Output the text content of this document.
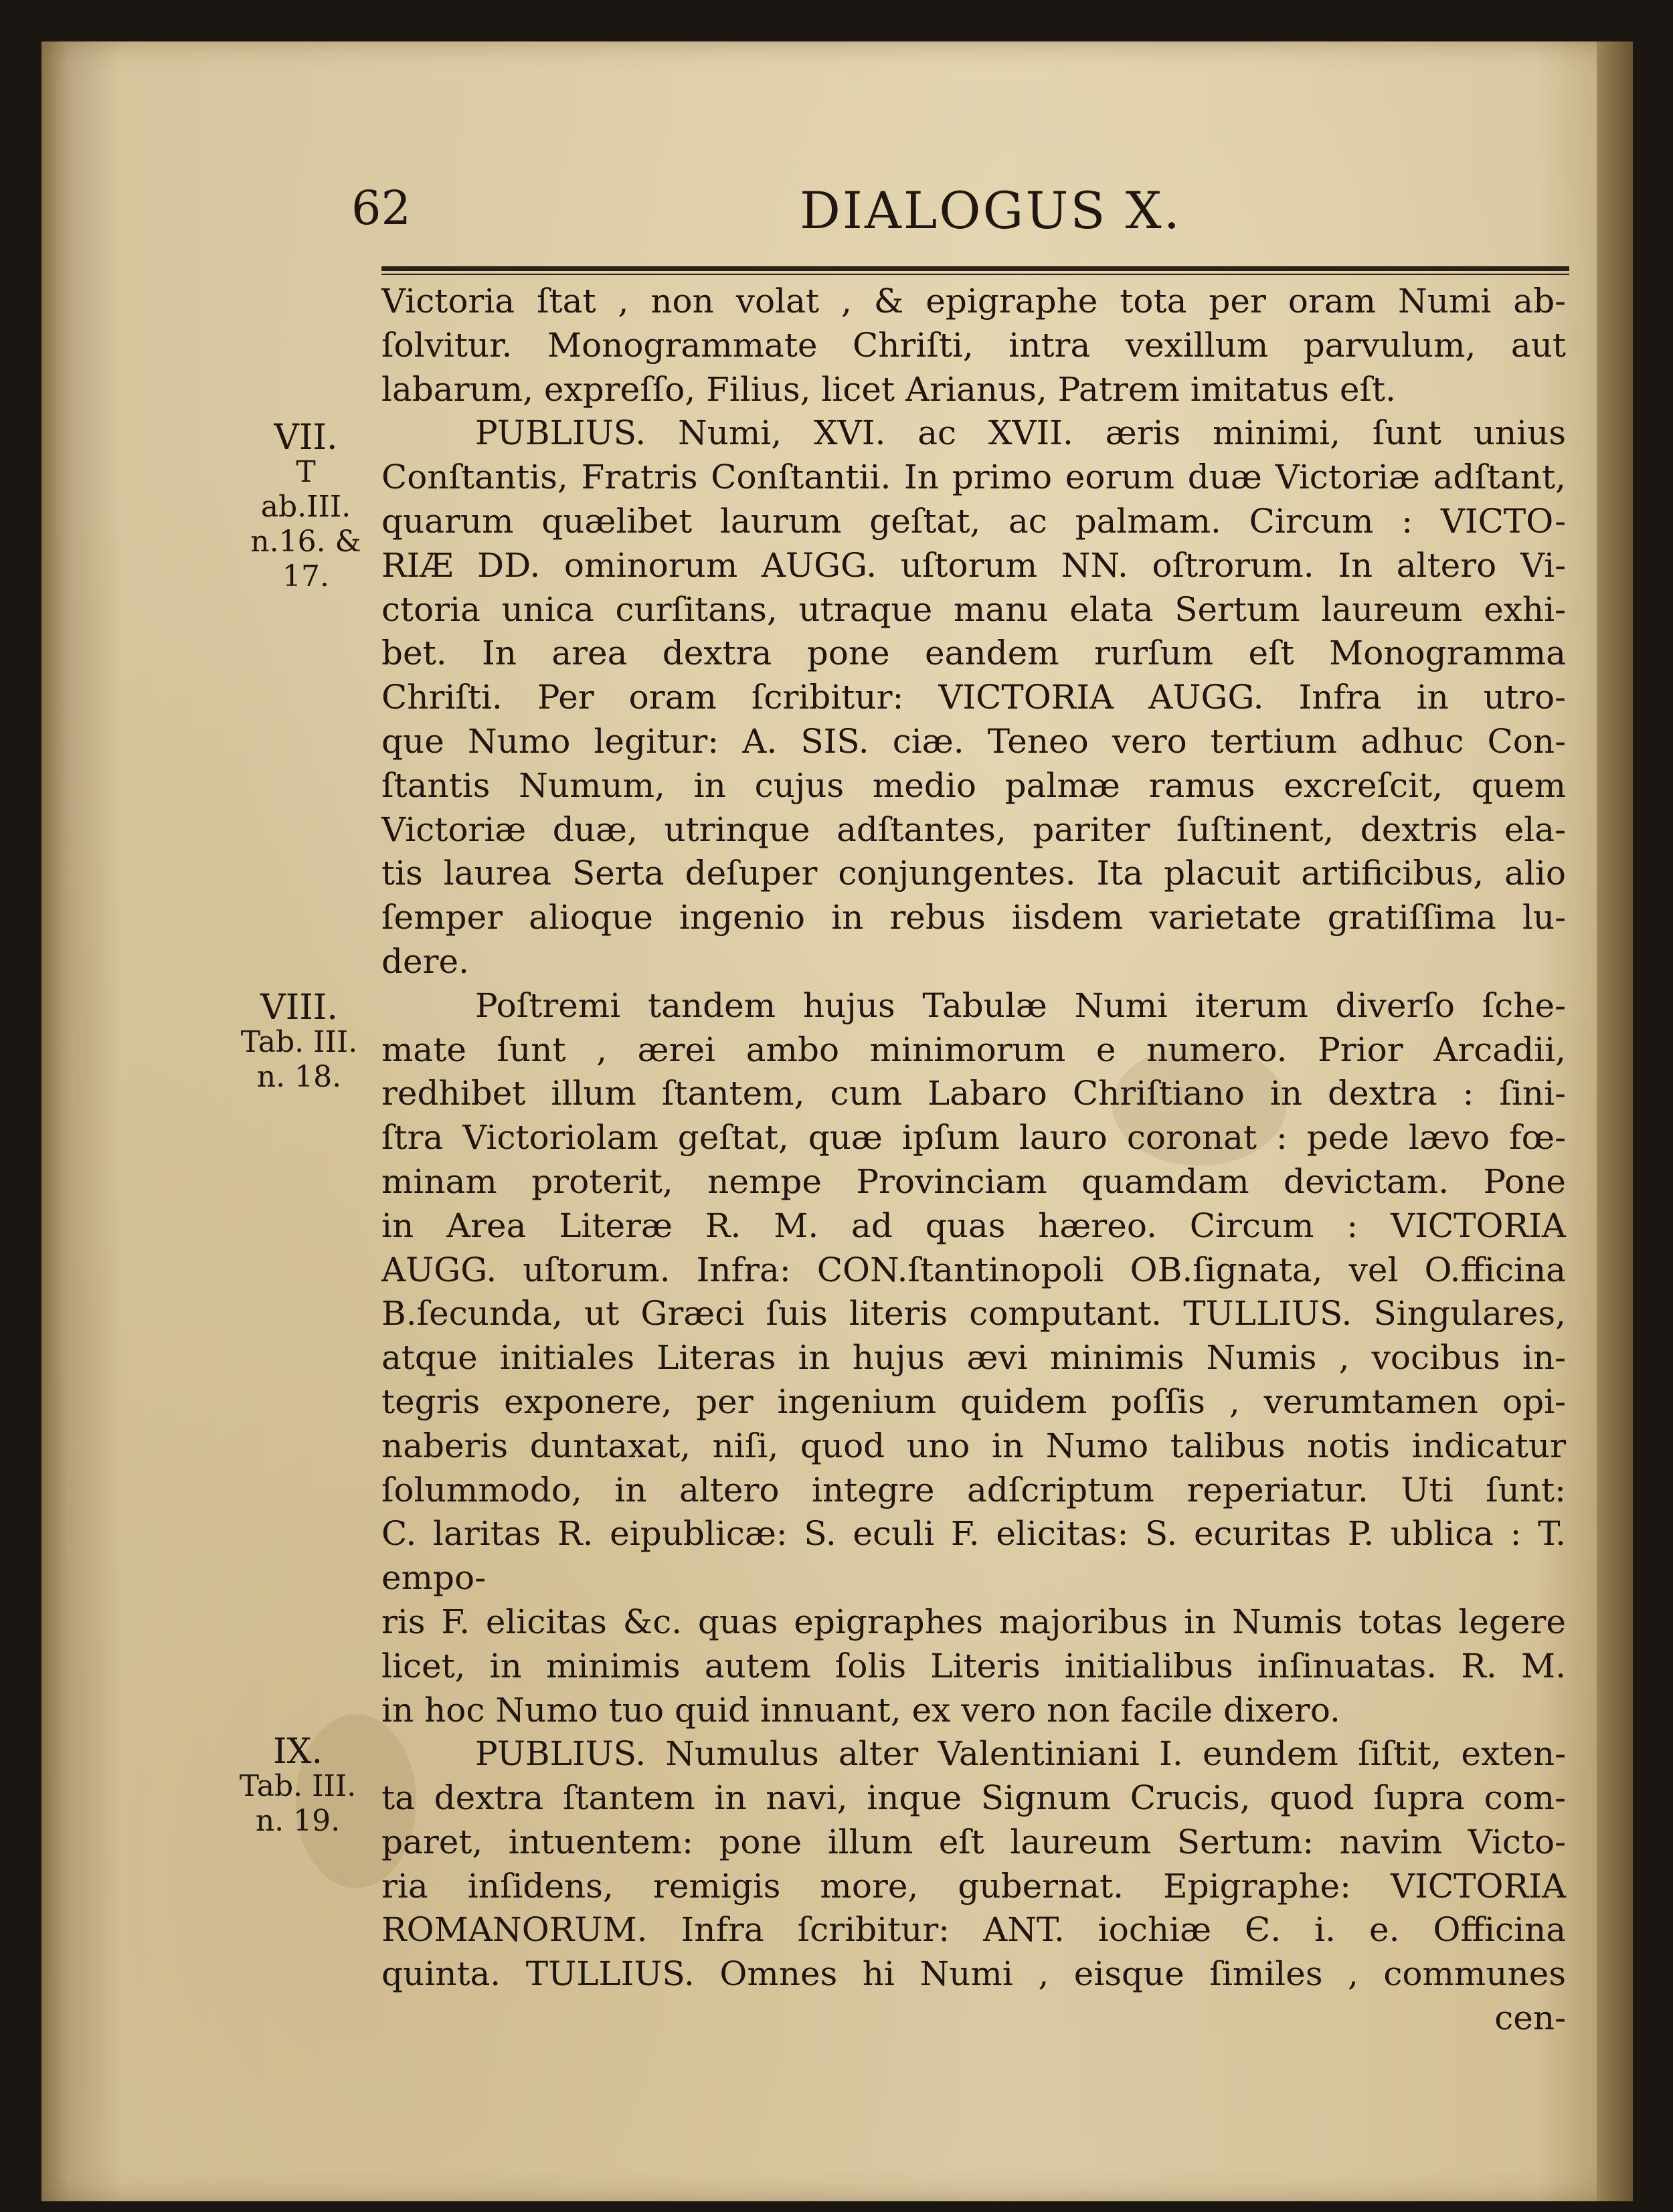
62	DIALOGUS X.
VII.
T ab.III.
n.16. &
17.
VIII.
Tab. III.
n. 18.
IX.
Tab. III.
n. 19.

Victoria ſtat , non volat , & epigraphe tota per oram Numi ab-

ſolvitur. Monogrammate Chriſti, intra vexillum parvulum, aut

labarum, expreſſo, Filius, licet Arianus, Patrem imitatus eſt.

PUBLIUS. Numi, XVI. ac XVII. æris minimi, ſunt unius

Conſtantis, Fratris Conſtantii. In primo eorum duæ Victoriæ adſtant,

quarum quælibet laurum geſtat, ac palmam. Circum : VICTO-

RIÆ DD. ominorum AUGG. uſtorum NN. oſtrorum. In altero Vi-

ctoria unica curſitans, utraque manu elata Sertum laureum exhi-

bet. In area dextra pone eandem rurſum eſt Monogramma

Chriſti. Per oram ſcribitur: VICTORIA AUGG. Infra in utro-

que Numo legitur: A. SIS. ciæ. Teneo vero tertium adhuc Con-

ſtantis Numum, in cujus medio palmæ ramus excreſcit, quem

Victoriæ duæ, utrinque adſtantes, pariter ſuſtinent, dextris ela-

tis laurea Serta deſuper conjungentes. Ita placuit artificibus, alio

ſemper alioque ingenio in rebus iisdem varietate gratiſſima lu-

dere.

Poſtremi tandem hujus Tabulæ Numi iterum diverſo ſche-

mate ſunt , ærei ambo minimorum e numero. Prior Arcadii,

redhibet illum ſtantem, cum Labaro Chriſtiano in dextra : ſini-

ſtra Victoriolam geſtat, quæ ipſum lauro coronat : pede lævo fœ-

minam proterit, nempe Provinciam quamdam devictam. Pone

in Area Literæ R. M. ad quas hæreo. Circum : VICTORIA

AUGG. uſtorum. Infra: CON.ſtantinopoli OB.ſignata, vel O.fficina

B.ſecunda, ut Græci ſuis literis computant. TULLIUS. Singulares,

atque initiales Literas in hujus ævi minimis Numis , vocibus in-

tegris exponere, per ingenium quidem poſſis , verumtamen opi-

naberis duntaxat, niſi, quod uno in Numo talibus notis indicatur

ſolummodo, in altero integre adſcriptum reperiatur. Uti ſunt:

C. laritas R. eipublicæ: S. eculi F. elicitas: S. ecuritas P. ublica : T. empo-

ris F. elicitas &c. quas epigraphes majoribus in Numis totas legere

licet, in minimis autem ſolis Literis initialibus inſinuatas. R. M.

in hoc Numo tuo quid innuant, ex vero non facile dixero.

PUBLIUS. Numulus alter Valentiniani I. eundem ſiſtit, exten-

ta dextra ſtantem in navi, inque Signum Crucis, quod ſupra com-

paret, intuentem: pone illum eſt laureum Sertum: navim Victo-

ria inſidens, remigis more, gubernat. Epigraphe: VICTORIA

ROMANORUM. Infra ſcribitur: ANT. iochiæ Є. i. e. Officina

quinta. TULLIUS. Omnes hi Numi , eisque ſimiles , communes

cen-
